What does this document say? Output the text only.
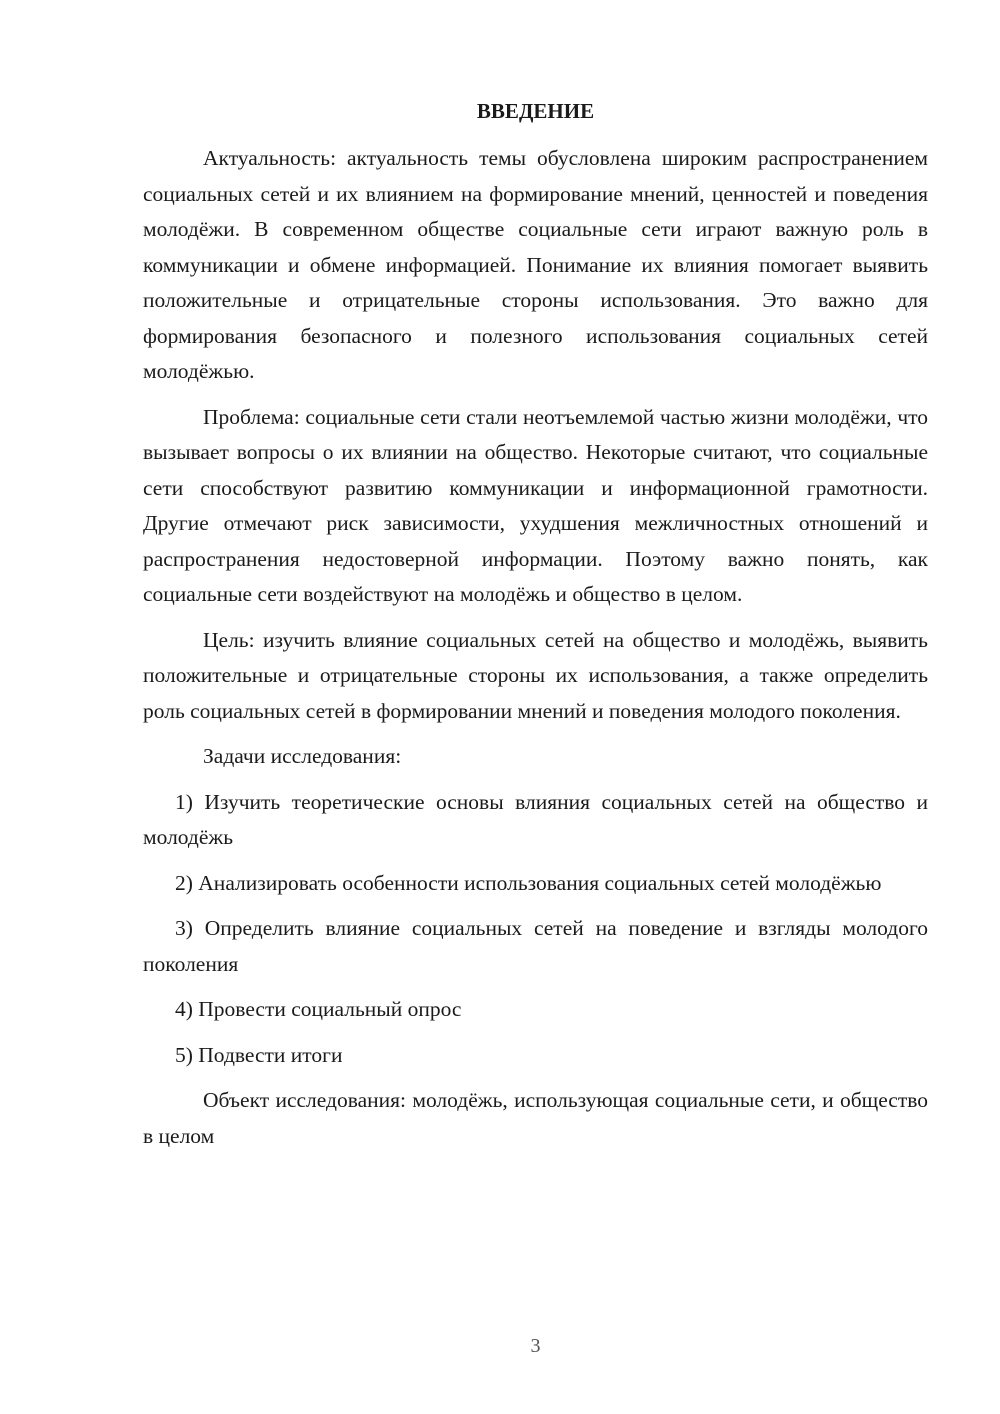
ВВЕДЕНИЕ

Актуальность: актуальность темы обусловлена широким распространением социальных сетей и их влиянием на формирование мнений, ценностей и поведения молодёжи. В современном обществе социальные сети играют важную роль в коммуникации и обмене информацией. Понимание их влияния помогает выявить положительные и отрицательные стороны использования. Это важно для формирования безопасного и полезного использования социальных сетей молодёжью.

Проблема: социальные сети стали неотъемлемой частью жизни молодёжи, что вызывает вопросы о их влиянии на общество. Некоторые считают, что социальные сети способствуют развитию коммуникации и информационной грамотности. Другие отмечают риск зависимости, ухудшения межличностных отношений и распространения недостоверной информации. Поэтому важно понять, как социальные сети воздействуют на молодёжь и общество в целом.

Цель: изучить влияние социальных сетей на общество и молодёжь, выявить положительные и отрицательные стороны их использования, а также определить роль социальных сетей в формировании мнений и поведения молодого поколения.

Задачи исследования:

1) Изучить теоретические основы влияния социальных сетей на общество и молодёжь

2) Анализировать особенности использования социальных сетей молодёжью

3) Определить влияние социальных сетей на поведение и взгляды молодого поколения

4) Провести социальный опрос

5) Подвести итоги

Объект исследования: молодёжь, использующая социальные сети, и общество в целом

3
